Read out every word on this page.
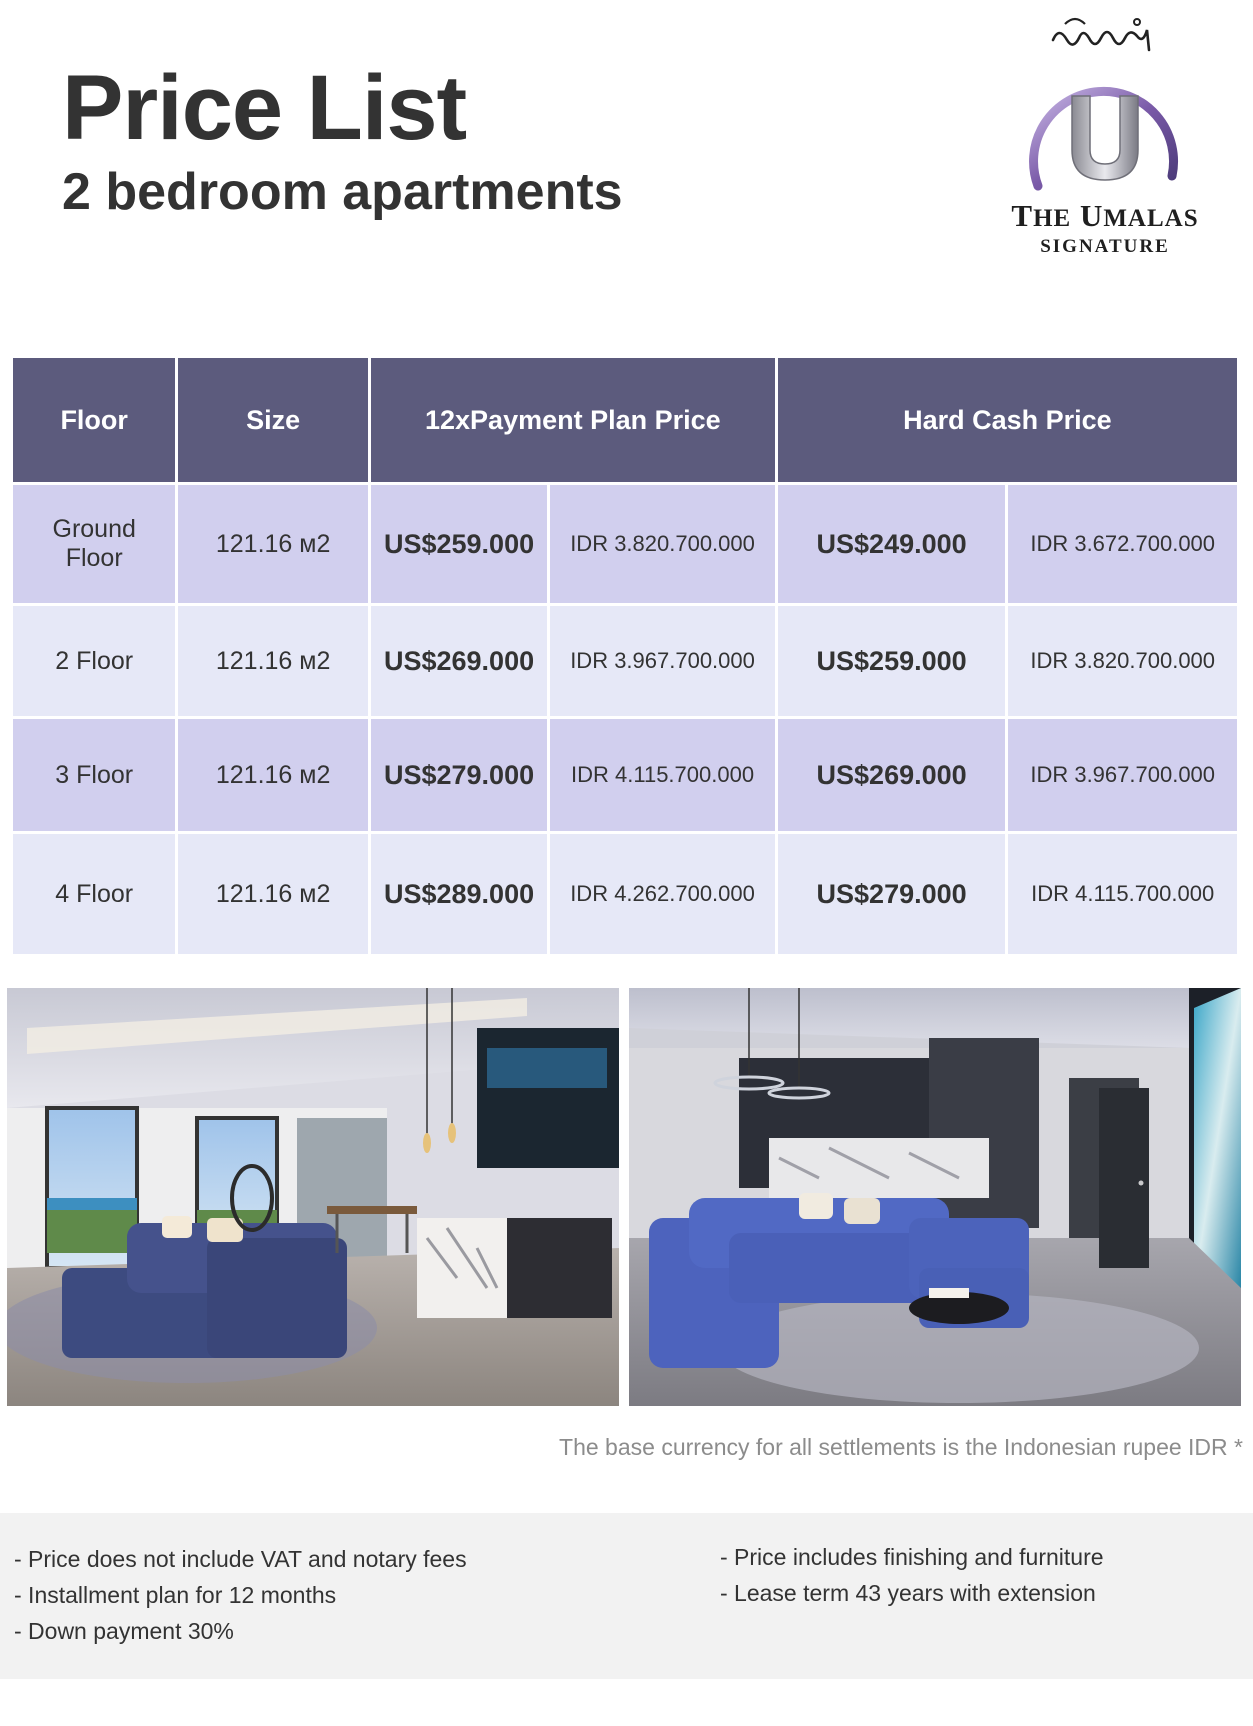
Price List
2 bedroom apartments	THE UMALAS
SIGNATURE
Floor	Size	12xPayment Plan Price		Hard Cash Price	
Ground
Floor	121.16 м2	US$259.000	IDR 3.820.700.000	US$249.000	IDR 3.672.700.000
2 Floor	121.16 м2	US$269.000	IDR 3.967.700.000	US$259.000	IDR 3.820.700.000
3 Floor	121.16 м2	US$279.000	IDR 4.115.700.000	US$269.000	IDR 3.967.700.000
4 Floor	121.16 м2	US$289.000	IDR 4.262.700.000	US$279.000	IDR 4.115.700.000
The base currency for all settlements is the Indonesian rupee IDR *
- Price does not include VAT and notary fees
- Installment plan for 12 months
- Down payment 30%
- Price includes finishing and furniture
- Lease term 43 years with extension
